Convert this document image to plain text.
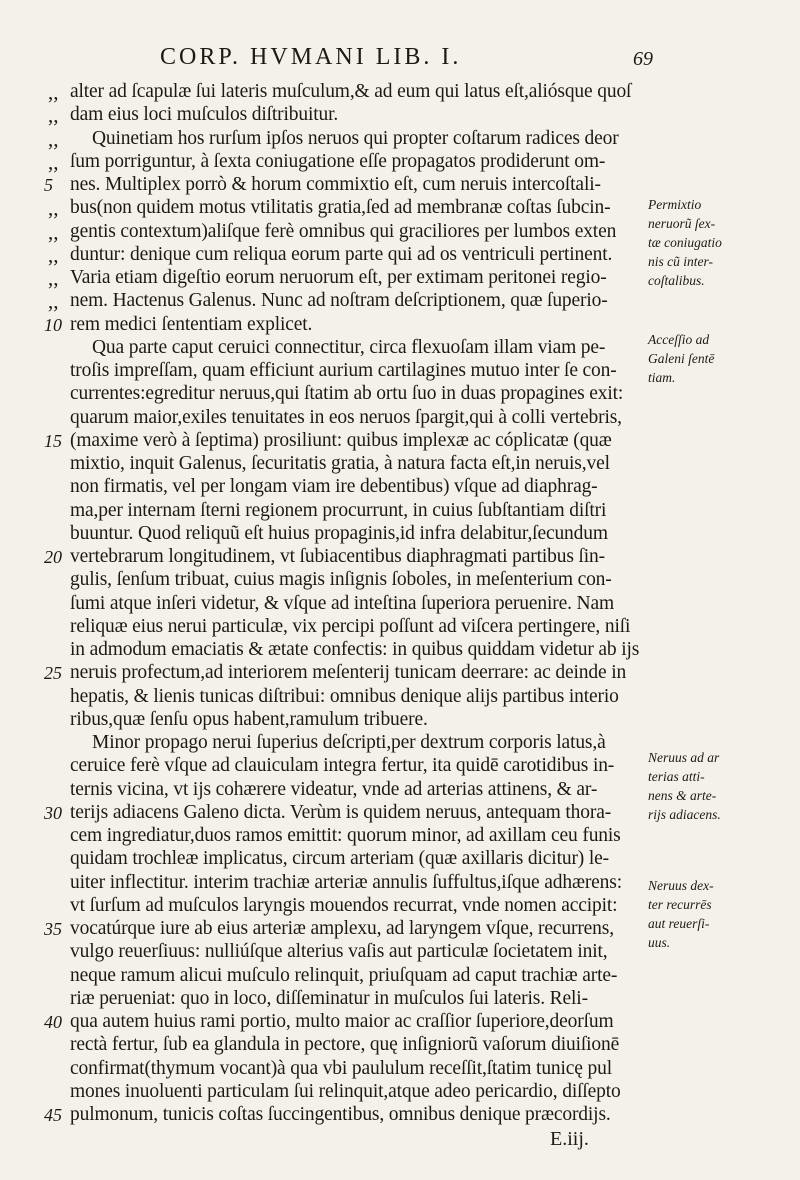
CORP. HVMANI LIB. I.	69
,, alter ad ſcapulæ ſui lateris muſculum,& ad eum qui latus eſt,aliósque quoſ
,, dam eius loci muſculos diſtribuitur.
,,	Quinetiam hos rurſum ipſos neruos qui propter coſtarum radices deor
,, ſum porriguntur, à ſexta coniugatione eſſe propagatos prodiderunt om-
5 nes. Multiplex porrò & horum commixtio eſt, cum neruis intercoſtali-
,, bus(non quidem motus vtilitatis gratia,ſed ad membranæ coſtas ſubcin-
,, gentis contextum)aliſque ferè omnibus qui graciliores per lumbos exten
,, duntur: denique cum reliqua eorum parte qui ad os ventriculi pertinent.
,, Varia etiam digeſtio eorum neruorum eſt, per extimam peritonei regio-
,, nem. Hactenus Galenus. Nunc ad noſtram deſcriptionem, quæ ſuperio-
10 rem medici ſententiam explicet.
Qua parte caput ceruici connectitur, circa flexuoſam illam viam pe-
troſis impreſſam, quam efficiunt aurium cartilagines mutuo inter ſe con-
currentes:egreditur neruus,qui ſtatim ab ortu ſuo in duas propagines exit:
quarum maior,exiles tenuitates in eos neruos ſpargit,qui à colli vertebris,
15 (maxime verò à ſeptima) prosiliunt: quibus implexæ ac cóplicatæ (quæ
mixtio, inquit Galenus, ſecuritatis gratia, à natura facta eſt,in neruis,vel
non firmatis, vel per longam viam ire debentibus) vſque ad diaphrag-
ma,per internam ſterni regionem procurrunt, in cuius ſubſtantiam diſtri
buuntur. Quod reliquũ eſt huius propaginis,id infra delabitur,ſecundum
20 vertebrarum longitudinem, vt ſubiacentibus diaphragmati partibus ſin-
gulis, ſenſum tribuat, cuius magis inſignis ſoboles, in meſenterium con-
ſumi atque inſeri videtur, & vſque ad inteſtina ſuperiora peruenire. Nam
reliquæ eius nerui particulæ, vix percipi poſſunt ad viſcera pertingere, niſi
in admodum emaciatis & ætate confectis: in quibus quiddam videtur ab ijs
25 neruis profectum,ad interiorem meſenterij tunicam deerrare: ac deinde in
hepatis, & lienis tunicas diſtribui: omnibus denique alijs partibus interio
ribus,quæ ſenſu opus habent,ramulum tribuere.
Minor propago nerui ſuperius deſcripti,per dextrum corporis latus,à
ceruice ferè vſque ad clauiculam integra fertur, ita quidē carotidibus in-
ternis vicina, vt ijs cohærere videatur, vnde ad arterias attinens, & ar-
30 terijs adiacens Galeno dicta. Verùm is quidem neruus, antequam thora-
cem ingrediatur,duos ramos emittit: quorum minor, ad axillam ceu funis
quidam trochleæ implicatus, circum arteriam (quæ axillaris dicitur) le-
uiter inflectitur. interim trachiæ arteriæ annulis ſuffultus,iſque adhærens:
vt ſurſum ad muſculos laryngis mouendos recurrat, vnde nomen accipit:
35 vocatúrque iure ab eius arteriæ amplexu, ad laryngem vſque, recurrens,
vulgo reuerſiuus: nulliúſque alterius vaſis aut particulæ ſocietatem init,
neque ramum alicui muſculo relinquit, priuſquam ad caput trachiæ arte-
riæ perueniat: quo in loco, diſſeminatur in muſculos ſui lateris. Reli-
40 qua autem huius rami portio, multo maior ac craſſior ſuperiore,deorſum
rectà fertur, ſub ea glandula in pectore, quę inſigniorũ vaſorum diuiſionē
confirmat(thymum vocant)à qua vbi paululum receſſit,ſtatim tunicę pul
mones inuoluenti particulam ſui relinquit,atque adeo pericardio, diſſepto
45 pulmonum, tunicis coſtas ſuccingentibus, omnibus denique præcordijs.
Permixtio
neruorũ ſex-
tæ coniugatio
nis cũ inter-
coſtalibus.
Acceſſio ad
Galeni ſentē
tiam.
Neruus ad ar
terias atti-
nens & arte-
rijs adiacens.
Neruus dex-
ter recurrēs
aut reuerſi-
uus.
E.iij.
